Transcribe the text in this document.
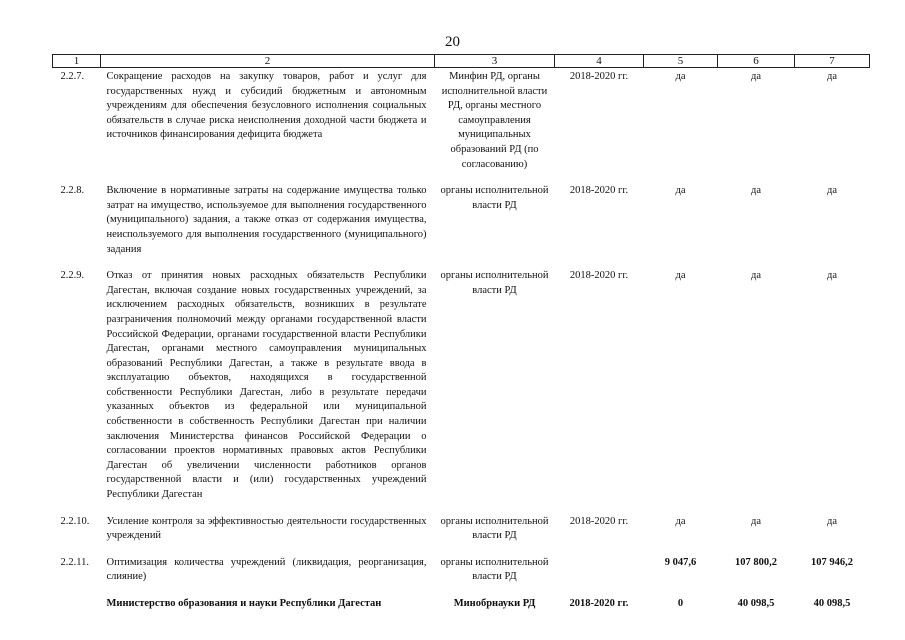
20
1	2	3	4	5	6	7
2.2.7.	Сокращение расходов на закупку товаров, работ и услуг для государственных нужд и субсидий бюджетным и автономным учреждениям для обеспечения безусловного исполнения социальных обязательств в случае риска неисполнения доходной части бюджета и источников финансирования дефицита бюджета	Минфин РД, органы исполнительной власти РД, органы местного самоуправления муниципальных образований РД (по согласованию)	2018-2020 гг.	да	да	да
2.2.8.	Включение в нормативные затраты на содержание имущества только затрат на имущество, используемое для выполнения государственного (муниципального) задания, а также отказ от содержания имущества, неиспользуемого для выполнения государственного (муниципального) задания	органы исполнительной власти РД	2018-2020 гг.	да	да	да
2.2.9.	Отказ от принятия новых расходных обязательств Республики Дагестан, включая создание новых государственных учреждений, за исключением расходных обязательств, возникших в результате разграничения полномочий между органами государственной власти Российской Федерации, органами государственной власти Республики Дагестан, органами местного самоуправления муниципальных образований Республики Дагестан, а также в результате ввода в эксплуатацию объектов, находящихся в государственной собственности Республики Дагестан, либо в результате передачи указанных объектов из федеральной или муниципальной собственности в собственность Республики Дагестан при наличии заключения Министерства финансов Российской Федерации о согласовании проектов нормативных правовых актов Республики Дагестан об увеличении численности работников органов государственной власти и (или) государственных учреждений Республики Дагестан	органы исполнительной власти РД	2018-2020 гг.	да	да	да
2.2.10.	Усиление контроля за эффективностью деятельности государственных учреждений	органы исполнительной власти РД	2018-2020 гг.	да	да	да
2.2.11.	Оптимизация количества учреждений (ликвидация, реорганизация, слияние)	органы исполнительной власти РД		9 047,6	107 800,2	107 946,2
	Министерство образования и науки Республики Дагестан	Минобрнауки РД	2018-2020 гг.	0	40 098,5	40 098,5
